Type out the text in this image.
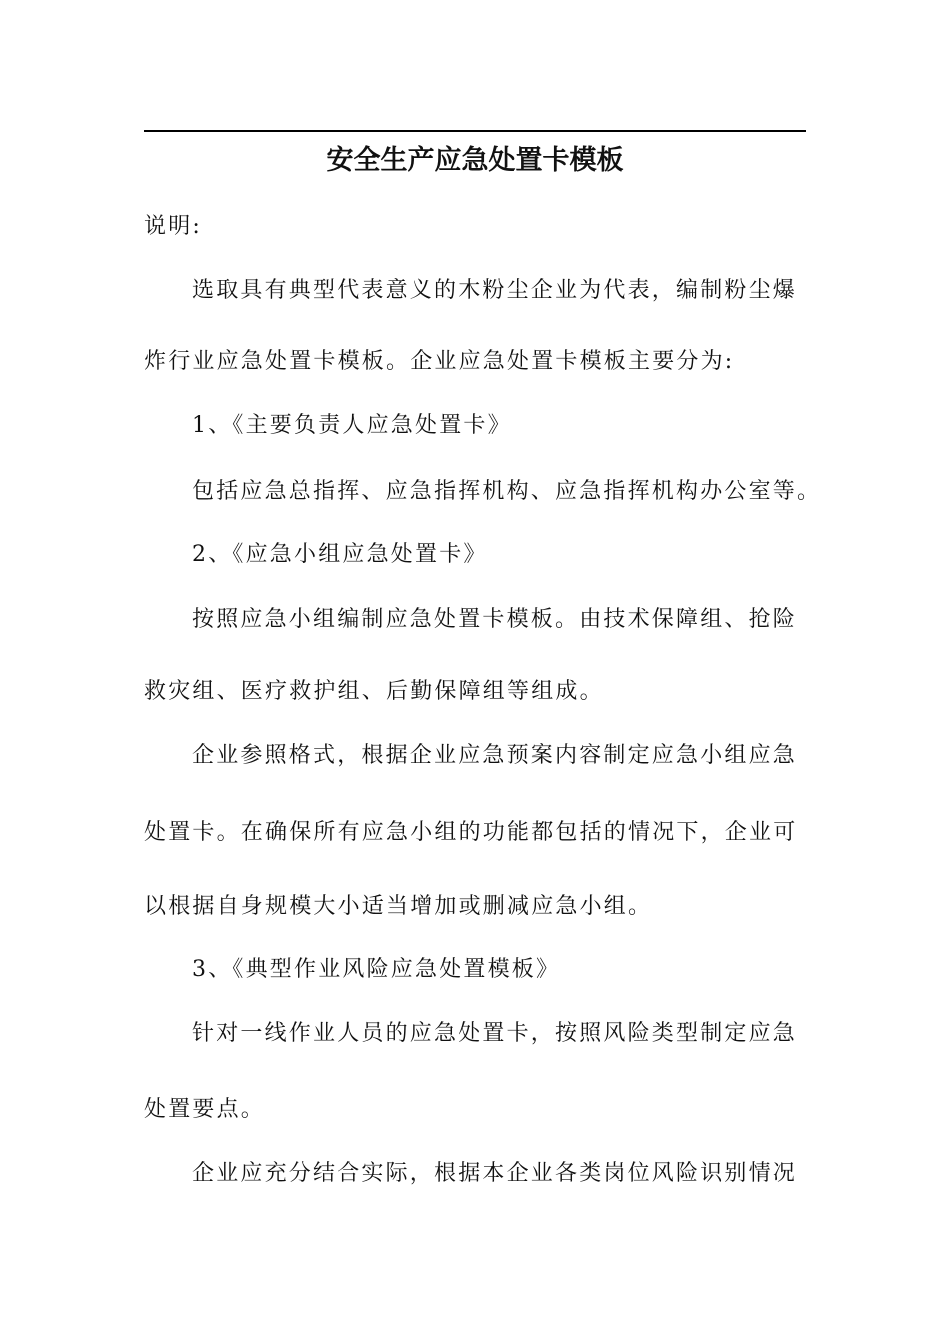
安全生产应急处置卡模板
说明:
选取具有典型代表意义的木粉尘企业为代表，编制粉尘爆
炸行业应急处置卡模板。企业应急处置卡模板主要分为:
1、《主要负责人应急处置卡》
包括应急总指挥、应急指挥机构、应急指挥机构办公室等。
2、《应急小组应急处置卡》
按照应急小组编制应急处置卡模板。由技术保障组、抢险
救灾组、医疗救护组、后勤保障组等组成。
企业参照格式，根据企业应急预案内容制定应急小组应急
处置卡。在确保所有应急小组的功能都包括的情况下，企业可
以根据自身规模大小适当增加或删减应急小组。
3、《典型作业风险应急处置模板》
针对一线作业人员的应急处置卡，按照风险类型制定应急
处置要点。
企业应充分结合实际，根据本企业各类岗位风险识别情况
